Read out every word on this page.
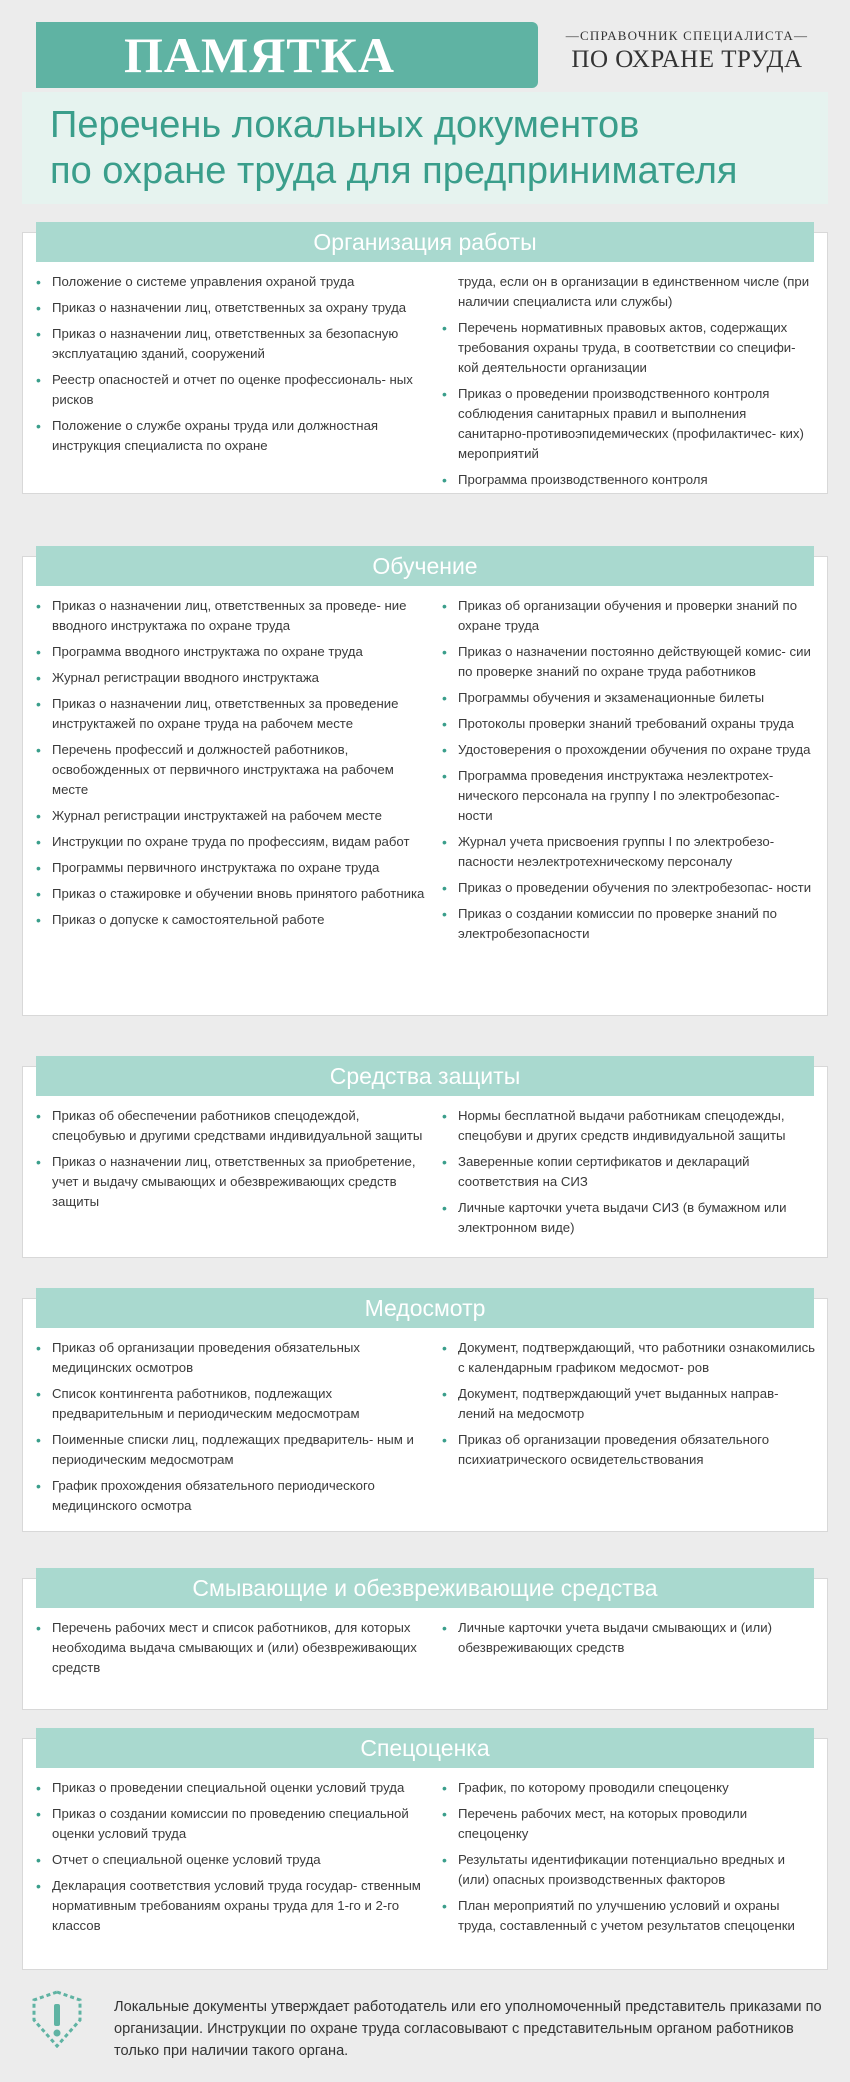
ПАМЯТКА	—СПРАВОЧНИК СПЕЦИАЛИСТА—
ПО ОХРАНЕ ТРУДА
Перечень локальных документов
по охране труда для предпринимателя
Организация работы
• Положение о системе управления охраной труда
• Приказ о назначении лиц, ответственных за охрану труда
• Приказ о назначении лиц, ответственных за безопасную эксплуатацию зданий, сооружений
• Реестр опасностей и отчет по оценке профессиональ- ных рисков
• Положение о службе охраны труда или должностная инструкция специалиста по охране
труда, если он в организации в единственном числе (при наличии специалиста или службы)
• Перечень нормативных правовых актов, содержащих требования охраны труда, в соответствии со специфи- кой деятельности организации
• Приказ о проведении производственного контроля соблюдения санитарных правил и выполнения санитарно-противоэпидемических (профилактичес- ких) мероприятий
• Программа производственного контроля
Обучение
• Приказ о назначении лиц, ответственных за проведе- ние вводного инструктажа по охране труда
• Программа вводного инструктажа по охране труда
• Журнал регистрации вводного инструктажа
• Приказ о назначении лиц, ответственных за проведение инструктажей по охране труда на рабочем месте
• Перечень профессий и должностей работников, освобожденных от первичного инструктажа на рабочем месте
• Журнал регистрации инструктажей на рабочем месте
• Инструкции по охране труда по профессиям, видам работ
• Программы первичного инструктажа по охране труда
• Приказ о стажировке и обучении вновь принятого работника
• Приказ о допуске к самостоятельной работе
• Приказ об организации обучения и проверки знаний по охране труда
• Приказ о назначении постоянно действующей комис- сии по проверке знаний по охране труда работников
• Программы обучения и экзаменационные билеты
• Протоколы проверки знаний требований охраны труда
• Удостоверения о прохождении обучения по охране труда
• Программа проведения инструктажа неэлектротех- нического персонала на группу I по электробезопас- ности
• Журнал учета присвоения группы I по электробезо- пасности неэлектротехническому персоналу
• Приказ о проведении обучения по электробезопас- ности
• Приказ о создании комиссии по проверке знаний по электробезопасности
Средства защиты
• Приказ об обеспечении работников спецодеждой, спецобувью и другими средствами индивидуальной защиты
• Приказ о назначении лиц, ответственных за приобретение, учет и выдачу смывающих и обезвреживающих средств защиты
• Нормы бесплатной выдачи работникам спецодежды, спецобуви и других средств индивидуальной защиты
• Заверенные копии сертификатов и деклараций соответствия на СИЗ
• Личные карточки учета выдачи СИЗ (в бумажном или электронном виде)
Медосмотр
• Приказ об организации проведения обязательных медицинских осмотров
• Список контингента работников, подлежащих предварительным и периодическим медосмотрам
• Поименные списки лиц, подлежащих предваритель- ным и периодическим медосмотрам
• График прохождения обязательного периодического медицинского осмотра
• Документ, подтверждающий, что работники ознакомились с календарным графиком медосмот- ров
• Документ, подтверждающий учет выданных направ- лений на медосмотр
• Приказ об организации проведения обязательного психиатрического освидетельствования
Смывающие и обезвреживающие средства
• Перечень рабочих мест и список работников, для которых необходима выдача смывающих и (или) обезвреживающих средств
• Личные карточки учета выдачи смывающих и (или) обезвреживающих средств
Спецоценка
• Приказ о проведении специальной оценки условий труда
• Приказ о создании комиссии по проведению специальной оценки условий труда
• Отчет о специальной оценке условий труда
• Декларация соответствия условий труда государ- ственным нормативным требованиям охраны труда для 1-го и 2-го классов
• График, по которому проводили спецоценку
• Перечень рабочих мест, на которых проводили спецоценку
• Результаты идентификации потенциально вредных и (или) опасных производственных факторов
• План мероприятий по улучшению условий и охраны труда, составленный с учетом результатов спецоценки
Локальные документы утверждает работодатель или его уполномоченный представитель приказами по организации. Инструкции по охране труда согласовывают с представительным органом работников только при наличии такого органа.
